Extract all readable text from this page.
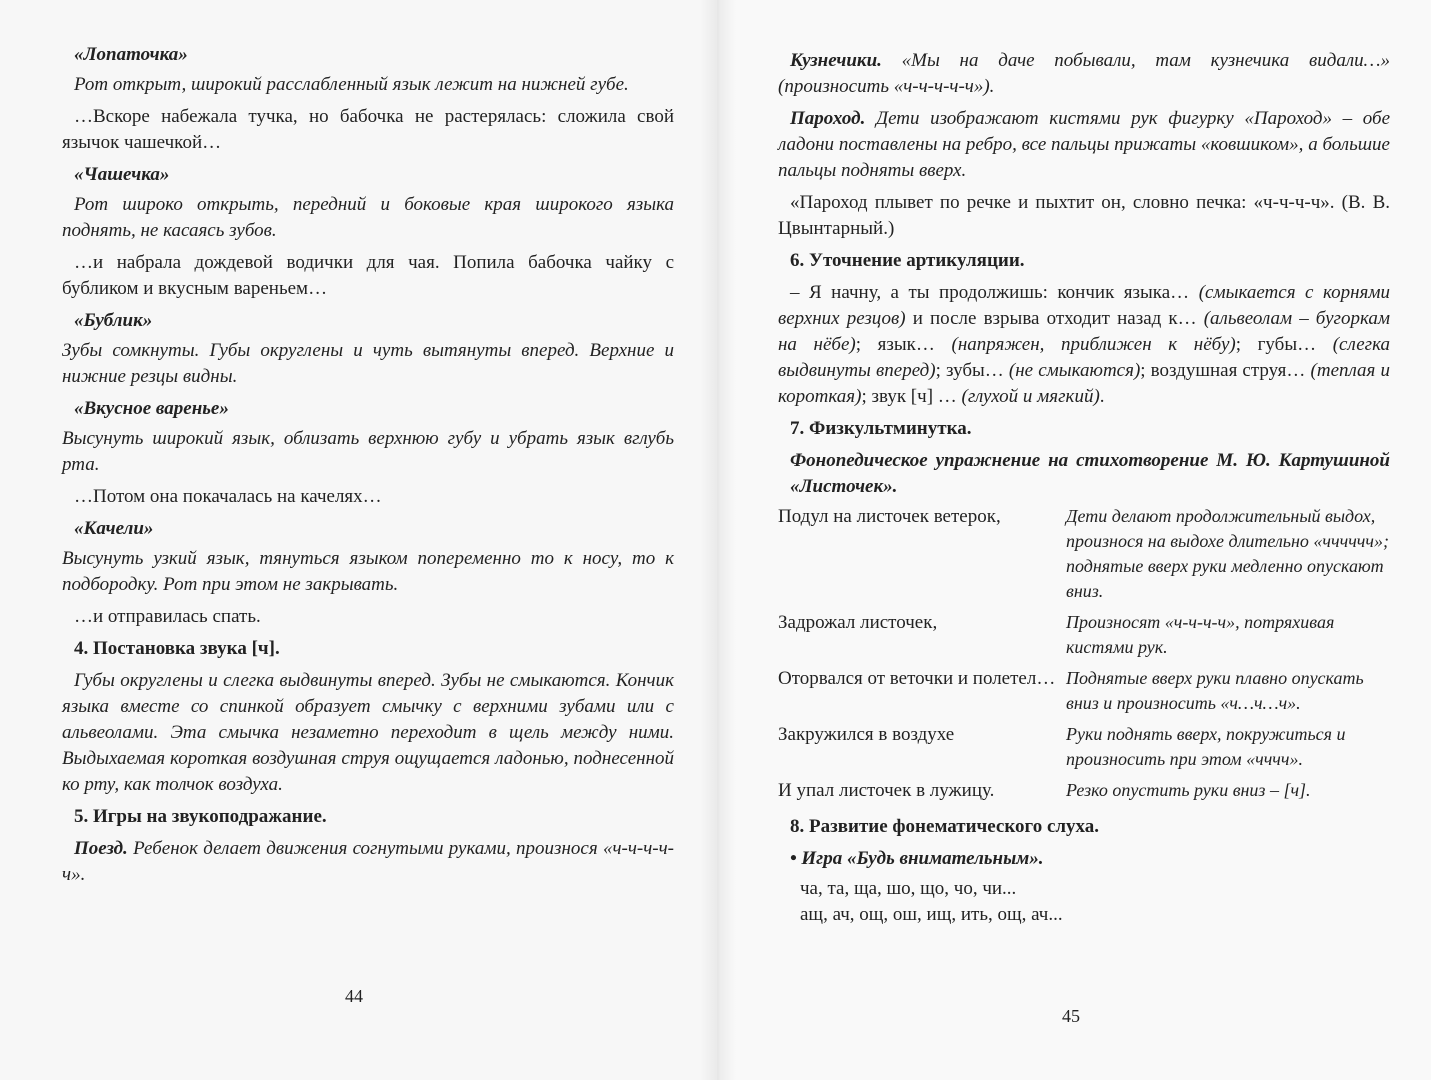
«Лопаточка»

Рот открыт, широкий расслабленный язык лежит на нижней губе.

…Вскоре набежала тучка, но бабочка не растерялась: сложила свой язычок чашечкой…

«Чашечка»

Рот широко открыть, передний и боковые края широкого языка поднять, не касаясь зубов.

…и набрала дождевой водички для чая. Попила бабочка чайку с бубликом и вкусным вареньем…

«Бублик»

Зубы сомкнуты. Губы округлены и чуть вытянуты вперед. Верхние и нижние резцы видны.

«Вкусное варенье»

Высунуть широкий язык, облизать верхнюю губу и убрать язык вглубь рта.

…Потом она покачалась на качелях…

«Качели»

Высунуть узкий язык, тянуться языком попеременно то к носу, то к подбородку. Рот при этом не закрывать.

…и отправилась спать.

4. Постановка звука [ч].

Губы округлены и слегка выдвинуты вперед. Зубы не смыкаются. Кончик языка вместе со спинкой образует смычку с верхними зубами или с альвеолами. Эта смычка незаметно переходит в щель между ними. Выдыхаемая короткая воздушная струя ощущается ладонью, поднесенной ко рту, как толчок воздуха.

5. Игры на звукоподражание.

Поезд. Ребенок делает движения согнутыми руками, произнося «ч-ч-ч-ч-ч».

44

Кузнечики. «Мы на даче побывали, там кузнечика видали…» (произносить «ч-ч-ч-ч-ч»).

Пароход. Дети изображают кистями рук фигурку «Пароход» – обе ладони поставлены на ребро, все пальцы прижаты «ковшиком», а большие пальцы подняты вверх.

«Пароход плывет по речке и пыхтит он, словно печка: «ч-ч-ч-ч». (В. В. Цвынтарный.)

6. Уточнение артикуляции.

– Я начну, а ты продолжишь: кончик языка… (смыкается с корнями верхних резцов) и после взрыва отходит назад к… (альвеолам – бугоркам на нёбе); язык… (напряжен, приближен к нёбу); губы… (слегка выдвинуты вперед); зубы… (не смыкаются); воздушная струя… (теплая и короткая); звук [ч] … (глухой и мягкий).

7. Физкультминутка.

Фонопедическое упражнение на стихотворение М. Ю. Картушиной «Листочек».

Подул на листочек ветерок,	Дети делают продолжительный выдох, произнося на выдохе длительно «чччччч»; поднятые вверх руки медленно опускают вниз.
Задрожал листочек,	Произносят «ч-ч-ч-ч», потряхивая кистями рук.
Оторвался от веточки и полетел…	Поднятые вверх руки плавно опускать вниз и произносить «ч…ч…ч».
Закружился в воздухе	Руки поднять вверх, покружиться и произносить при этом «чччч».
И упал листочек в лужицу.	Резко опустить руки вниз – [ч].

8. Развитие фонематического слуха.

• Игра «Будь внимательным».

ча, та, ща, шо, що, чо, чи...
ащ, ач, ощ, ош, ищ, ить, ощ, ач...
45
